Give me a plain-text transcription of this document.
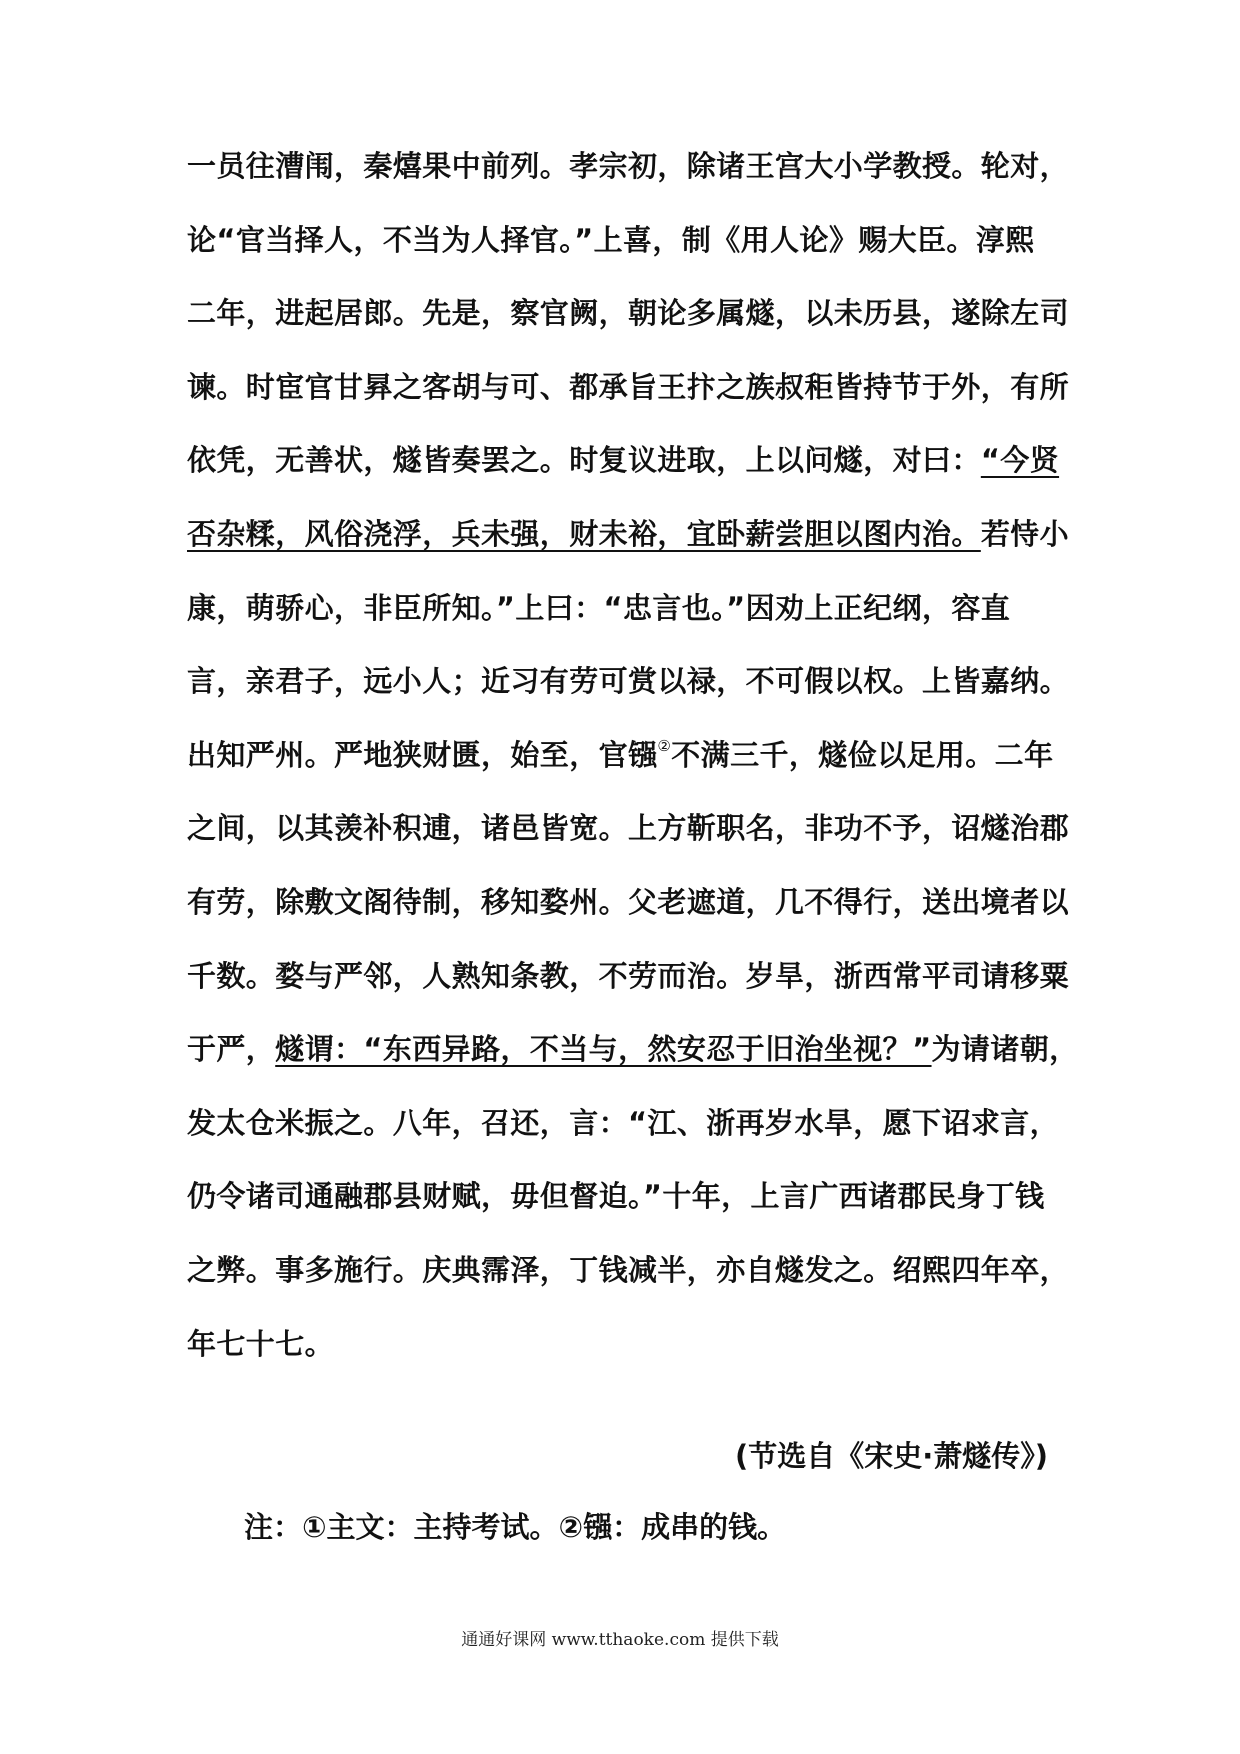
一员往漕闱，秦熺果中前列。孝宗初，除诸王宫大小学教授。轮对，
论“官当择人，不当为人择官。”上喜，制《用人论》赐大臣。淳熙
二年，进起居郎。先是，察官阙，朝论多属燧，以未历县，遂除左司
谏。时宦官甘昪之客胡与可、都承旨王抃之族叔秬皆持节于外，有所
依凭，无善状，燧皆奏罢之。时复议进取，上以问燧，对曰：“今贤
否杂糅，风俗浇浮，兵未强，财未裕，宜卧薪尝胆以图内治。若恃小
康，萌骄心，非臣所知。”上曰：“忠言也。”因劝上正纪纲，容直
言，亲君子，远小人；近习有劳可赏以禄，不可假以权。上皆嘉纳。
出知严州。严地狭财匮，始至，官镪②不满三千，燧俭以足用。二年
之间，以其羡补积逋，诸邑皆宽。上方靳职名，非功不予，诏燧治郡
有劳，除敷文阁待制，移知婺州。父老遮道，几不得行，送出境者以
千数。婺与严邻，人熟知条教，不劳而治。岁旱，浙西常平司请移粟
于严，燧谓：“东西异路，不当与，然安忍于旧治坐视？”为请诸朝，
发太仓米振之。八年，召还，言：“江、浙再岁水旱，愿下诏求言，
仍令诸司通融郡县财赋，毋但督迫。”十年，上言广西诸郡民身丁钱
之弊。事多施行。庆典霈泽，丁钱减半，亦自燧发之。绍熙四年卒，
年七十七。
(节选自《宋史·萧燧传》)
注：①主文：主持考试。②镪：成串的钱。
通通好课网 www.tthaoke.com 提供下载
